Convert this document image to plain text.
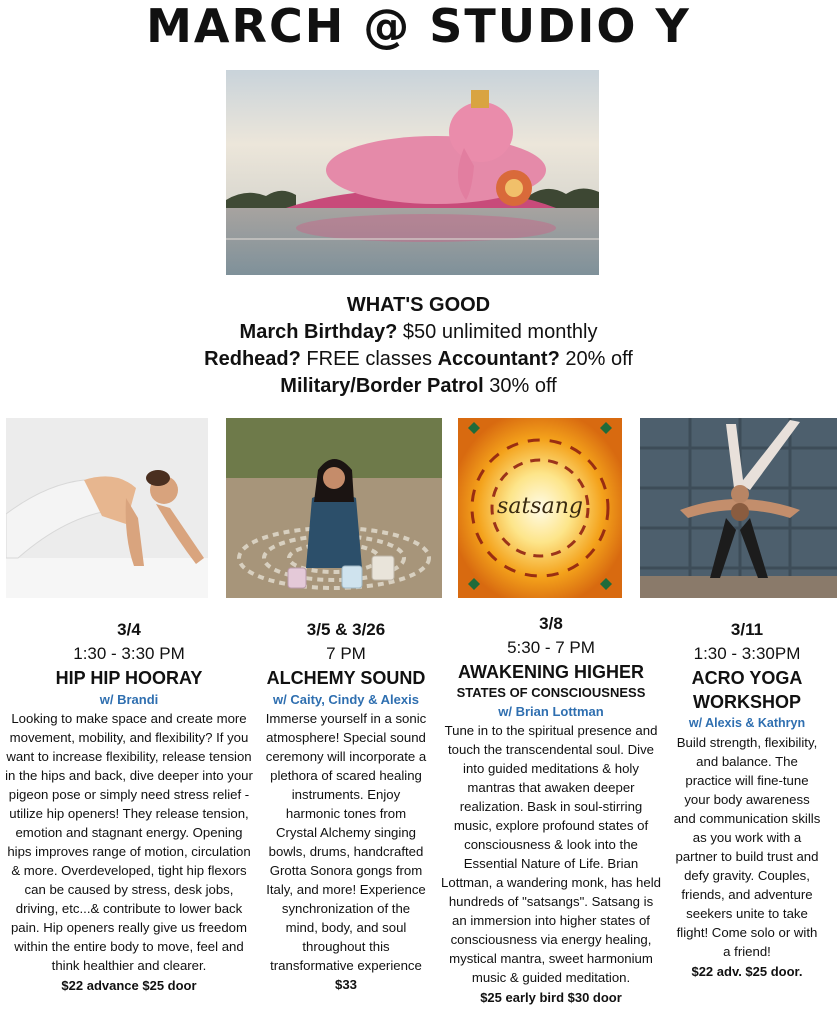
MARCH @ STUDIO Y
WHAT'S GOOD
March Birthday? $50 unlimited monthly
Redhead? FREE classes Accountant? 20% off
Military/Border Patrol 30% off
satsang
3/4
1:30 - 3:30 PM
HIP HIP HOORAY
w/ Brandi
Looking to make space and create more movement, mobility, and flexibility? If you want to increase flexibility, release tension in the hips and back, dive deeper into your pigeon pose or simply need stress relief - utilize hip openers! They release tension, emotion and stagnant energy. Opening hips improves range of motion, circulation & more. Overdeveloped, tight hip flexors can be caused by stress, desk jobs, driving, etc...& contribute to lower back pain. Hip openers really give us freedom within the entire body to move, feel and think healthier and clearer.
$22 advance $25 door
3/5 & 3/26
7 PM
ALCHEMY SOUND
w/ Caity, Cindy & Alexis
Immerse yourself in a sonic atmosphere! Special sound ceremony will incorporate a plethora of scared healing instruments. Enjoy harmonic tones from Crystal Alchemy singing bowls, drums, handcrafted Grotta Sonora gongs from Italy, and more! Experience synchronization of the mind, body, and soul throughout this transformative experience $33
3/8
5:30 - 7 PM
AWAKENING HIGHER
STATES OF CONSCIOUSNESS
w/ Brian Lottman
Tune in to the spiritual presence and touch the transcendental soul. Dive into guided meditations & holy mantras that awaken deeper realization. Bask in soul-stirring music, explore profound states of consciousness & look into the Essential Nature of Life. Brian Lottman, a wandering monk, has held hundreds of "satsangs". Satsang is an immersion into higher states of consciousness via energy healing, mystical mantra, sweet harmonium music & guided meditation.
$25 early bird $30 door
3/11
1:30 - 3:30PM
ACRO YOGA
WORKSHOP
w/ Alexis & Kathryn
Build strength, flexibility, and balance. The practice will fine-tune your body awareness and communication skills as you work with a partner to build trust and defy gravity. Couples, friends, and adventure seekers unite to take flight! Come solo or with a friend!
$22 adv. $25 door.
